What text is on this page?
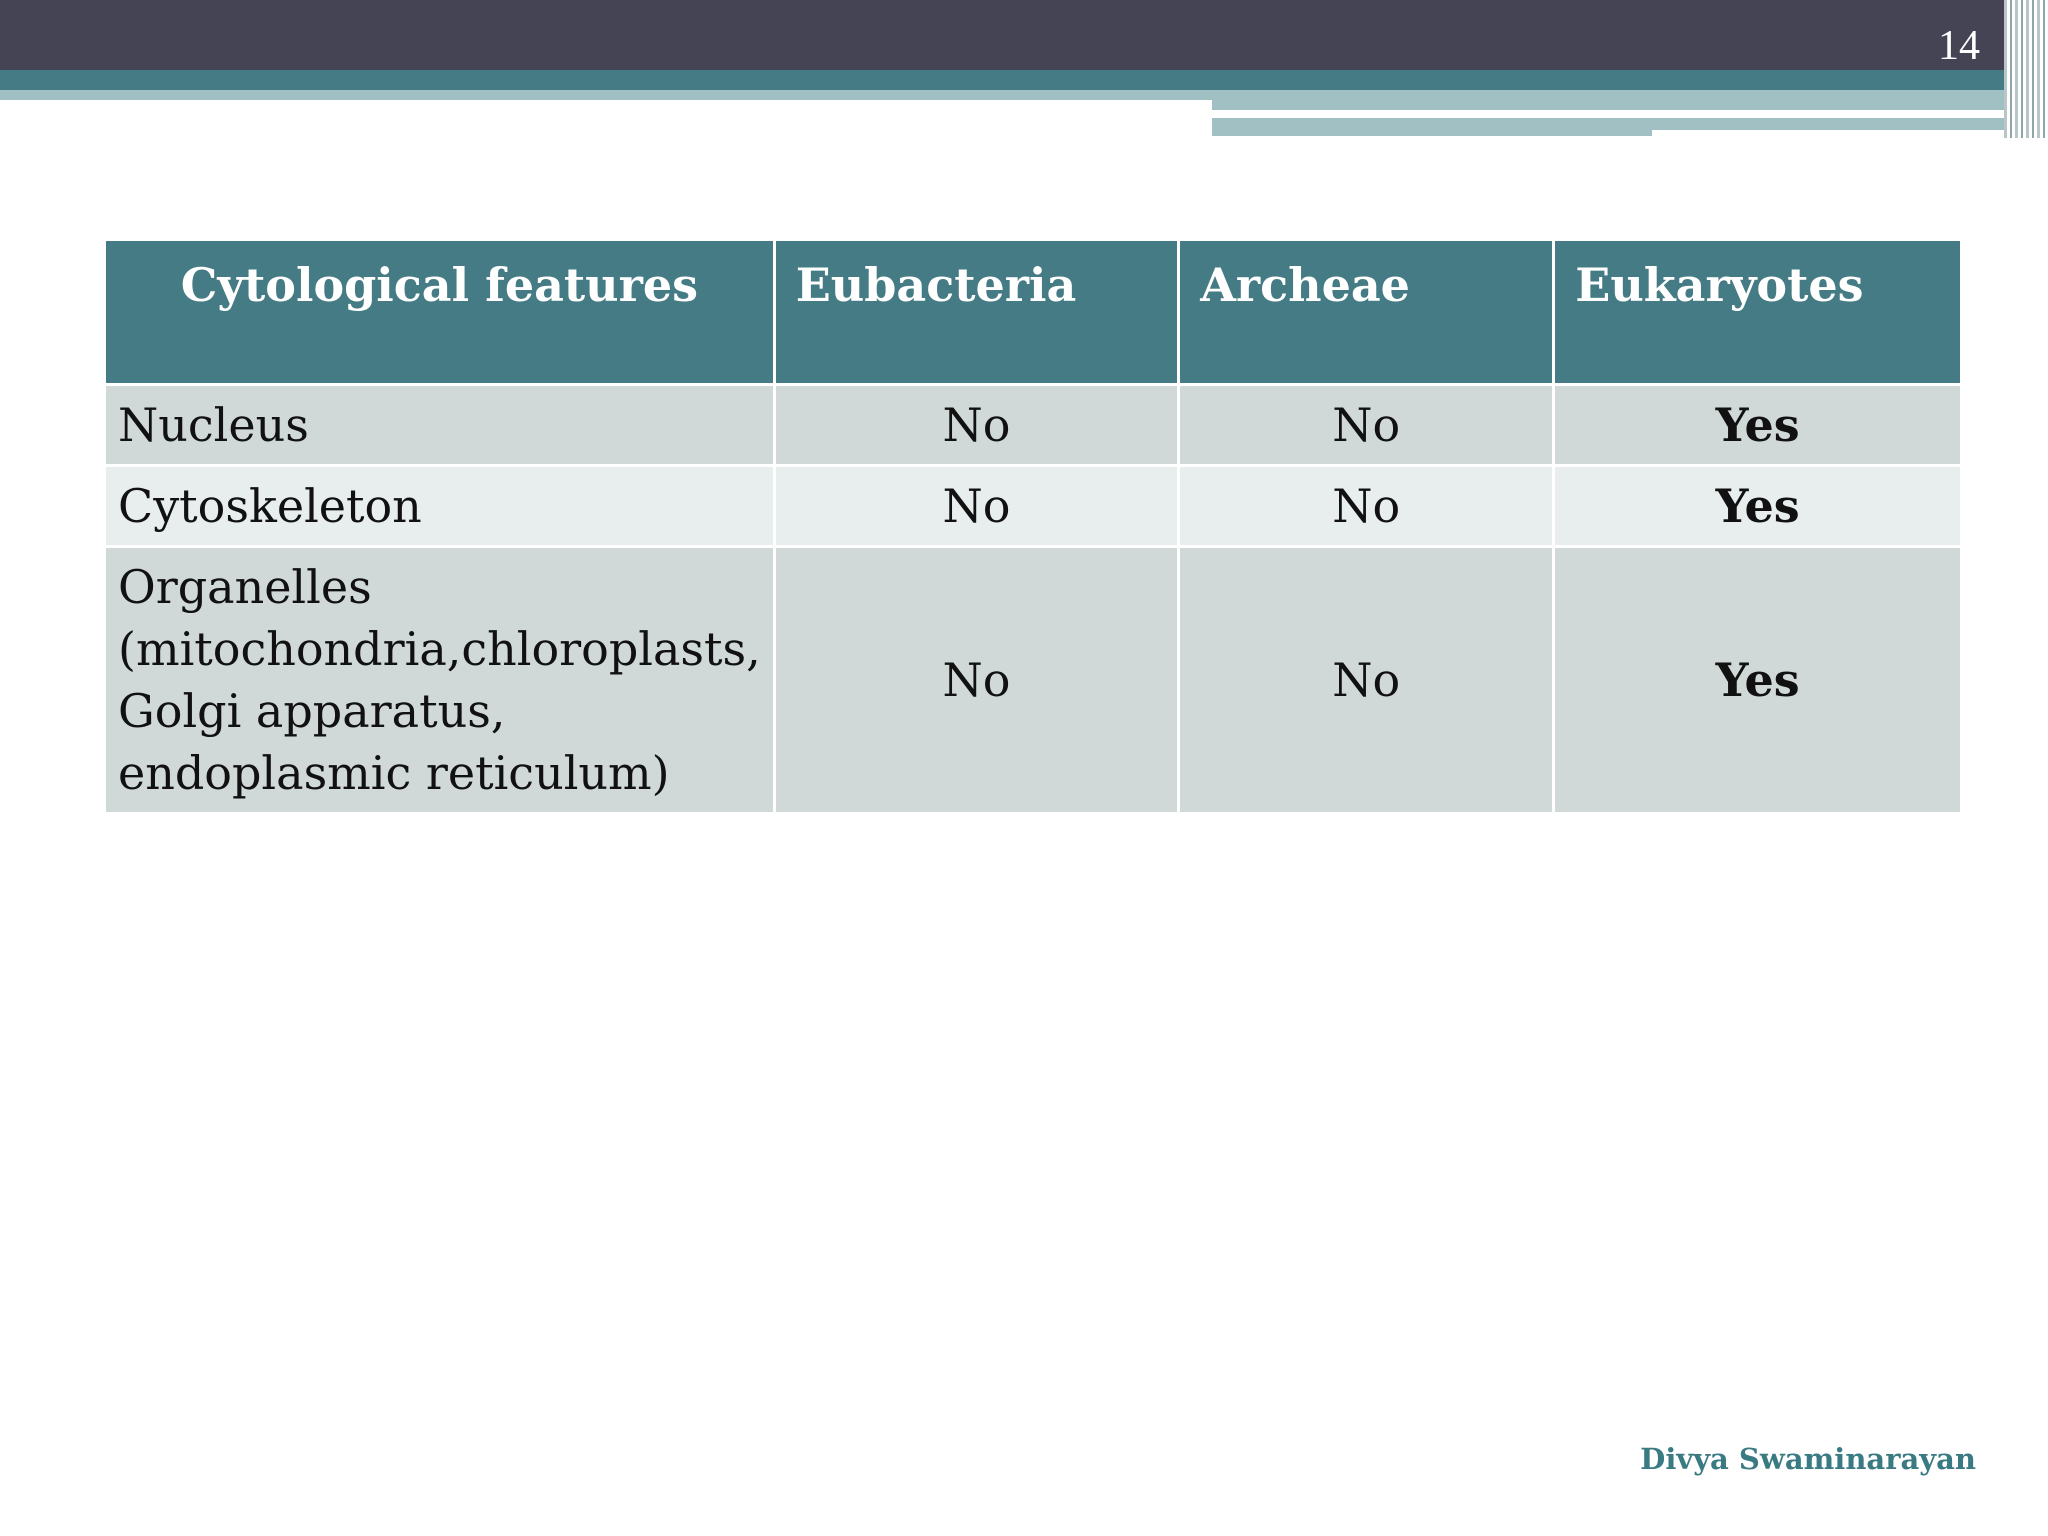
14
Cytological features	Eubacteria	Archeae	Eukaryotes
Nucleus	No	No	Yes
Cytoskeleton	No	No	Yes
Organelles (mitochondria,chloroplasts, Golgi apparatus, endoplasmic reticulum)	No	No	Yes
Divya Swaminarayan
